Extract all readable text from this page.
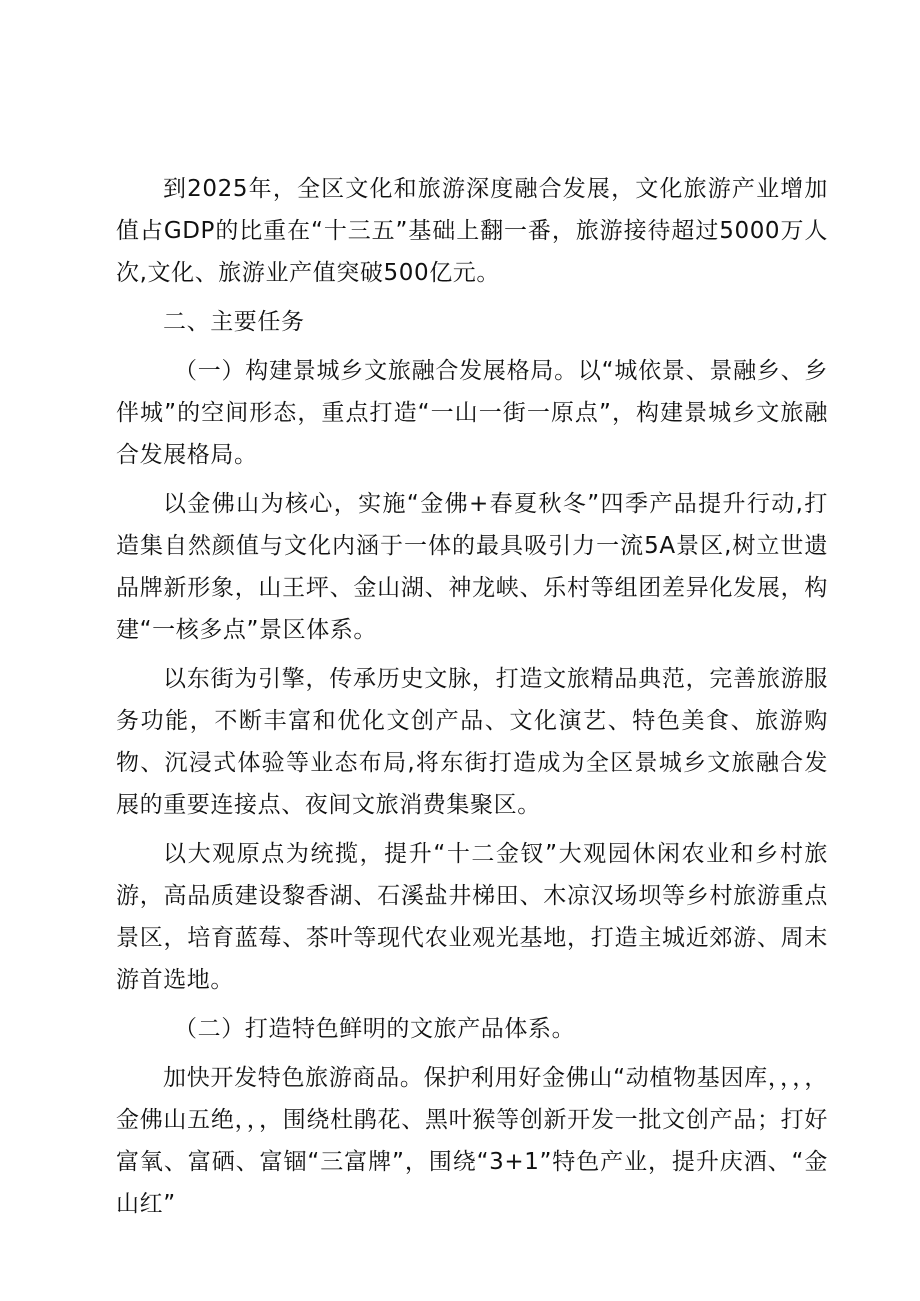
到2025年，全区文化和旅游深度融合发展，文化旅游产业增加值占GDP的比重在“十三五”基础上翻一番，旅游接待超过5000万人次,文化、旅游业产值突破500亿元。

二、主要任务

（一）构建景城乡文旅融合发展格局。以“城依景、景融乡、乡伴城”的空间形态，重点打造“一山一街一原点”，构建景城乡文旅融合发展格局。

以金佛山为核心，实施“金佛+春夏秋冬”四季产品提升行动,打造集自然颜值与文化内涵于一体的最具吸引力一流5A景区,树立世遗品牌新形象，山王坪、金山湖、神龙峡、乐村等组团差异化发展，构建“一核多点”景区体系。

以东街为引擎，传承历史文脉，打造文旅精品典范，完善旅游服务功能，不断丰富和优化文创产品、文化演艺、特色美食、旅游购物、沉浸式体验等业态布局,将东街打造成为全区景城乡文旅融合发展的重要连接点、夜间文旅消费集聚区。

以大观原点为统揽，提升“十二金钗”大观园休闲农业和乡村旅游，高品质建设黎香湖、石溪盐井梯田、木凉汉场坝等乡村旅游重点景区，培育蓝莓、茶叶等现代农业观光基地，打造主城近郊游、周末游首选地。

（二）打造特色鲜明的文旅产品体系。

加快开发特色旅游商品。保护利用好金佛山“动植物基因库，，，，金佛山五绝，，，围绕杜鹃花、黑叶猴等创新开发一批文创产品；打好富氧、富硒、富锢“三富牌”，围绕“3+1”特色产业，提升庆酒、“金山红”
